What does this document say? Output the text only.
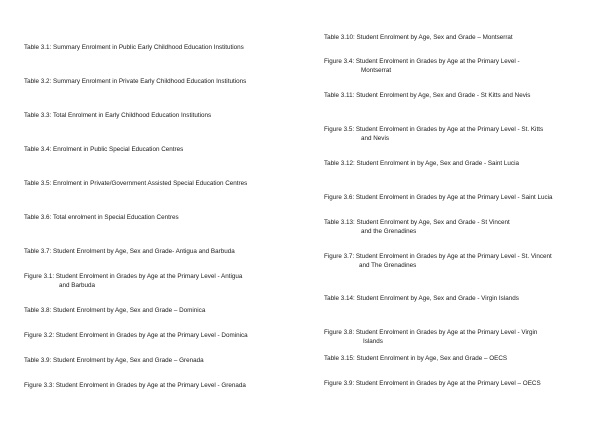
Table 3.1: Summary Enrolment in Public Early Childhood Education Institutions
Table 3.2: Summary Enrolment in Private Early Childhood Education Institutions
Table 3.3: Total Enrolment in Early Childhood Education Institutions
Table 3.4: Enrolment in Public Special Education Centres
Table 3.5: Enrolment in Private/Government Assisted Special Education Centres
Table 3.6: Total enrolment in Special Education Centres
Table 3.7: Student Enrolment by Age, Sex and Grade- Antigua and Barbuda
Figure 3.1: Student Enrolment in Grades by Age at the Primary Level - Antigua
and Barbuda
Table 3.8: Student Enrolment by Age, Sex and Grade – Dominica
Figure 3.2: Student Enrolment in Grades by Age at the Primary Level - Dominica
Table 3.9: Student Enrolment by Age, Sex and Grade – Grenada
Figure 3.3: Student Enrolment in Grades by Age at the Primary Level - Grenada
Table 3.10: Student Enrolment by Age, Sex and Grade – Montserrat
Figure 3.4: Student Enrolment in Grades by Age at the Primary Level -
Montserrat
Table 3.11: Student Enrolment by Age, Sex and Grade - St Kitts and Nevis
Figure 3.5: Student Enrolment in Grades by Age at the Primary Level - St. Kitts
and Nevis
Table 3.12: Student Enrolment in by Age, Sex and Grade - Saint Lucia
Figure 3.6: Student Enrolment in Grades by Age at the Primary Level - Saint Lucia
Table 3.13: Student Enrolment by Age, Sex and Grade - St Vincent
and the Grenadines
Figure 3.7: Student Enrolment in Grades by Age at the Primary Level - St. Vincent
and The Grenadines
Table 3.14: Student Enrolment by Age, Sex and Grade - Virgin Islands
Figure 3.8: Student Enrolment in Grades by Age at the Primary Level - Virgin
Islands
Table 3.15: Student Enrolment in by Age, Sex and Grade – OECS
Figure 3.9: Student Enrolment in Grades by Age at the Primary Level – OECS
